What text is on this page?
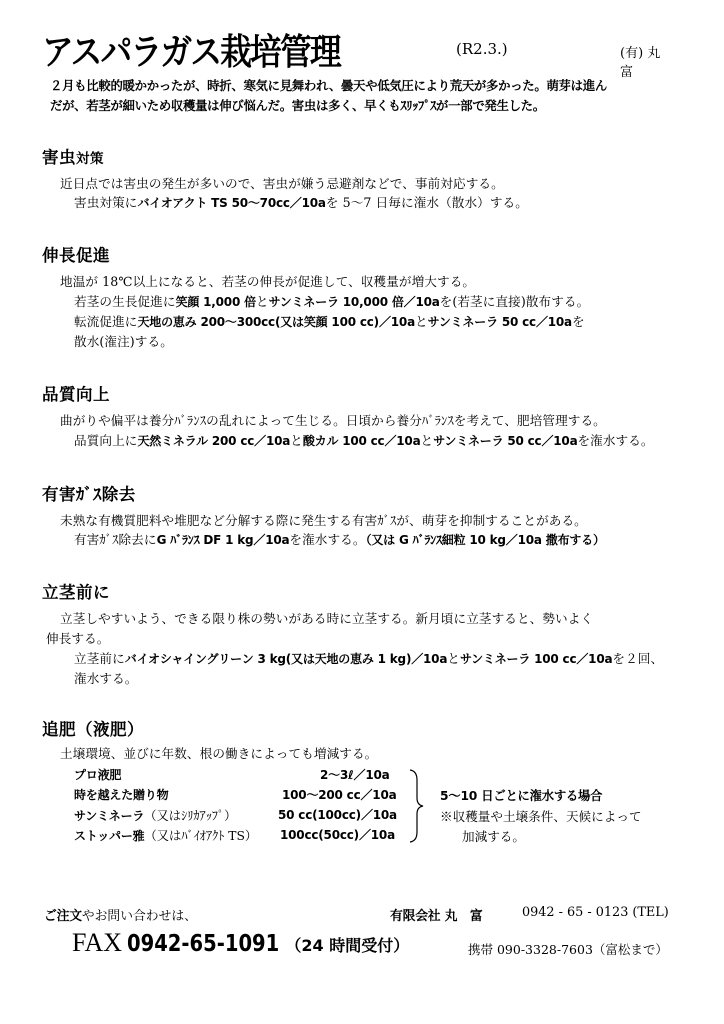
アスパラガス栽培管理	(R2.3.)	(有) 丸　富
２月も比較的暖かかったが、時折、寒気に見舞われ、曇天や低気圧により荒天が多かった。萌芽は進ん
だが、若茎が細いため収穫量は伸び悩んだ。害虫は多く、早くもｽﾘｯﾌﾟｽが一部で発生した。
害虫対策
近日点では害虫の発生が多いので、害虫が嫌う忌避剤などで、事前対応する。
害虫対策にバイオアクト TS 50～70cc／10aを 5～7 日毎に潅水（散水）する。
伸長促進
地温が 18℃以上になると、若茎の伸長が促進して、収穫量が増大する。
若茎の生長促進に笑顔 1,000 倍とサンミネーラ 10,000 倍／10aを(若茎に直接)散布する。
転流促進に天地の恵み 200～300cc(又は笑顔 100 cc)／10aとサンミネーラ 50 cc／10aを
散水(潅注)する。
品質向上
曲がりや偏平は養分ﾊﾞﾗﾝｽの乱れによって生じる。日頃から養分ﾊﾞﾗﾝｽを考えて、肥培管理する。
品質向上に天然ミネラル 200 cc／10aと酸カル 100 cc／10aとサンミネーラ 50 cc／10aを潅水する。
有害ｶﾞｽ除去
未熟な有機質肥料や堆肥など分解する際に発生する有害ｶﾞｽが、萌芽を抑制することがある。
有害ｶﾞｽ除去にG ﾊﾞﾗﾝｽ DF 1 kg／10aを潅水する。（又は G ﾊﾞﾗﾝｽ細粒 10 kg／10a 撒布する）
立茎前に
立茎しやすいよう、できる限り株の勢いがある時に立茎する。新月頃に立茎すると、勢いよく
伸長する。
立茎前にバイオシャイングリーン 3 kg(又は天地の恵み 1 kg)／10aとサンミネーラ 100 cc／10aを２回、
潅水する。
追肥（液肥）
土壌環境、並びに年数、根の働きによっても増減する。
プロ液肥	2～3ℓ／10a
時を越えた贈り物	100～200 cc／10a
サンミネーラ（又はｼﾘｶｱｯﾌﾟ）	50 cc(100cc)／10a
ストッパー雅（又はﾊﾞｲｵｱｸﾄ TS） 100cc(50cc)／10a
5～10 日ごとに潅水する場合
※収穫量や土壌条件、天候によって
加減する。
ご注文やお問い合わせは、	有限会社 丸　富	0942 - 65 - 0123 (TEL)
FAX 0942-65-1091 （24 時間受付）	携帯 090-3328-7603（富松まで）
